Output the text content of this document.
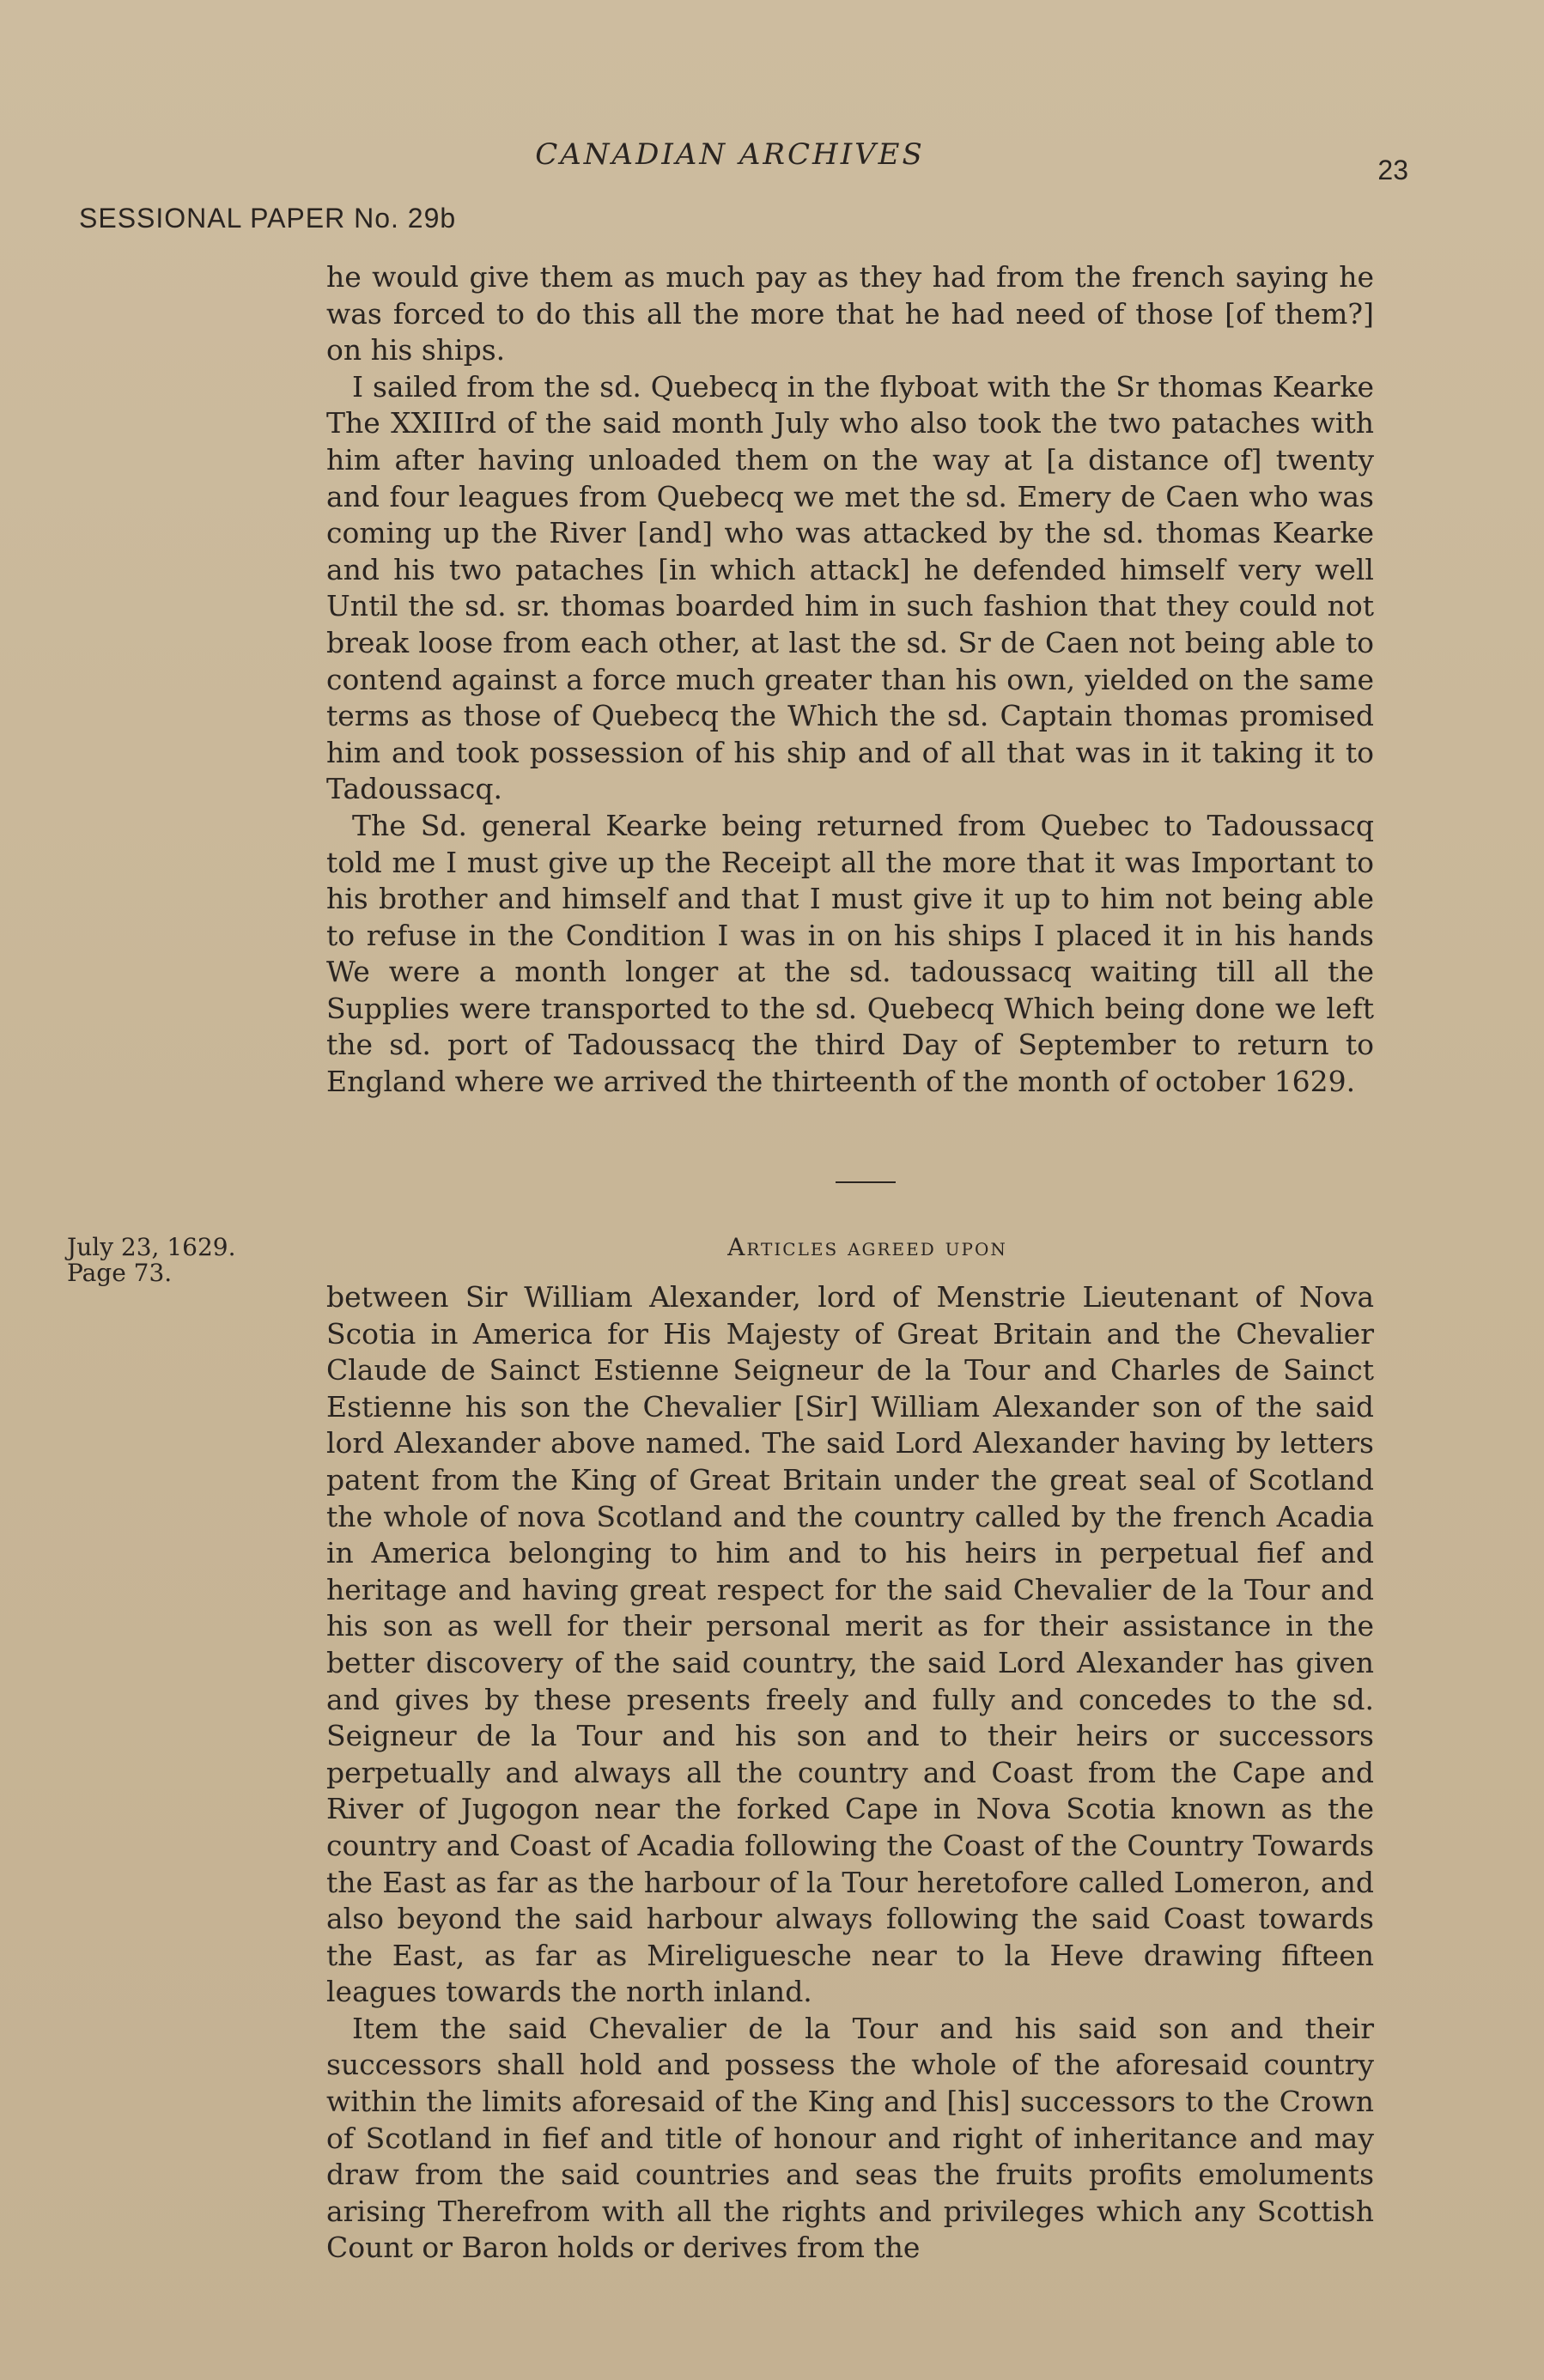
CANADIAN ARCHIVES	23
SESSIONAL PAPER No. 29b

he would give them as much pay as they had from the french saying he was forced to do this all the more that he had need of those [of them?] on his ships.

I sailed from the sd. Quebecq in the flyboat with the Sr thomas Kearke The XXIIIrd of the said month July who also took the two pataches with him after having unloaded them on the way at [a distance of] twenty and four leagues from Quebecq we met the sd. Emery de Caen who was coming up the River [and] who was attacked by the sd. thomas Kearke and his two pataches [in which attack] he defended himself very well Until the sd. sr. thomas boarded him in such fashion that they could not break loose from each other, at last the sd. Sr de Caen not being able to contend against a force much greater than his own, yielded on the same terms as those of Quebecq the Which the sd. Captain thomas promised him and took possession of his ship and of all that was in it taking it to Tadoussacq.

The Sd. general Kearke being returned from Quebec to Tadoussacq told me I must give up the Receipt all the more that it was Important to his brother and himself and that I must give it up to him not being able to refuse in the Condition I was in on his ships I placed it in his hands We were a month longer at the sd. tadoussacq waiting till all the Supplies were transported to the sd. Quebecq Which being done we left the sd. port of Tadoussacq the third Day of September to return to England where we arrived the thirteenth of the month of october 1629.

July 23, 1629.
Page 73.
Articles agreed upon

between Sir William Alexander, lord of Menstrie Lieutenant of Nova Scotia in America for His Majesty of Great Britain and the Chevalier Claude de Sainct Estienne Seigneur de la Tour and Charles de Sainct Estienne his son the Chevalier [Sir] William Alexander son of the said lord Alexander above named. The said Lord Alexander having by letters patent from the King of Great Britain under the great seal of Scotland the whole of nova Scotland and the country called by the french Acadia in America belonging to him and to his heirs in perpetual fief and heritage and having great respect for the said Chevalier de la Tour and his son as well for their personal merit as for their assistance in the better discovery of the said country, the said Lord Alexander has given and gives by these presents freely and fully and concedes to the sd. Seigneur de la Tour and his son and to their heirs or successors perpetually and always all the country and Coast from the Cape and River of Jugogon near the forked Cape in Nova Scotia known as the country and Coast of Acadia following the Coast of the Country Towards the East as far as the harbour of la Tour heretofore called Lomeron, and also beyond the said harbour always following the said Coast towards the East, as far as Mireliguesche near to la Heve drawing fifteen leagues towards the north inland.

Item the said Chevalier de la Tour and his said son and their successors shall hold and possess the whole of the aforesaid country within the limits aforesaid of the King and [his] successors to the Crown of Scotland in fief and title of honour and right of inheritance and may draw from the said countries and seas the fruits profits emoluments arising Therefrom with all the rights and privileges which any Scottish Count or Baron holds or derives from the
